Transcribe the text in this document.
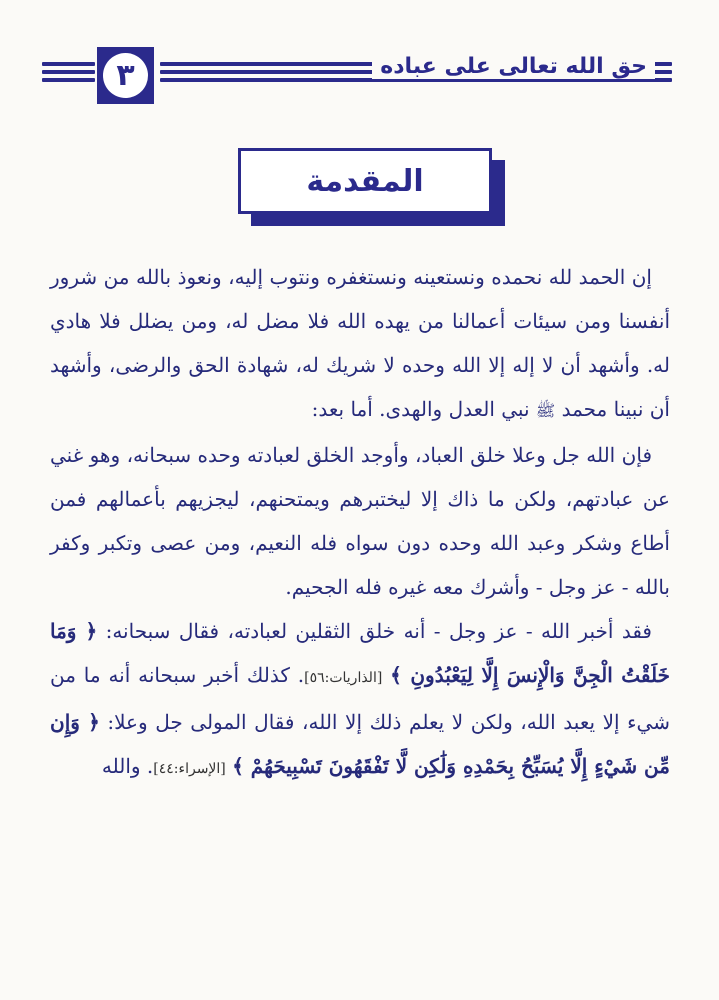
٣	حق الله تعالى على عباده
المقدمة

إن الحمد لله نحمده ونستعينه ونستغفره ونتوب إليه، ونعوذ بالله من شرور أنفسنا ومن سيئات أعمالنا من يهده الله فلا مضل له، ومن يضلل فلا هادي له. وأشهد أن لا إله إلا الله وحده لا شريك له، شهادة الحق والرضى، وأشهد أن نبينا محمد ﷺ نبي العدل والهدى. أما بعد:

فإن الله جل وعلا خلق العباد، وأوجد الخلق لعبادته وحده سبحانه، وهو غني عن عبادتهم، ولكن ما ذاك إلا ليختبرهم ويمتحنهم، ليجزيهم بأعمالهم فمن أطاع وشكر وعبد الله وحده دون سواه فله النعيم، ومن عصى وتكبر وكفر بالله - عز وجل - وأشرك معه غيره فله الجحيم.

فقد أخبر الله - عز وجل - أنه خلق الثقلين لعبادته، فقال سبحانه: ﴿ وَمَا خَلَقْتُ الْجِنَّ وَالْإِنسَ إِلَّا لِيَعْبُدُونِ ﴾ [الذاريات:٥٦]. كذلك أخبر سبحانه أنه ما من شيء إلا يعبد الله، ولكن لا يعلم ذلك إلا الله، فقال المولى جل وعلا: ﴿ وَإِن مِّن شَيْءٍ إِلَّا يُسَبِّحُ بِحَمْدِهِ وَلَٰكِن لَّا تَفْقَهُونَ تَسْبِيحَهُمْ ﴾ [الإسراء:٤٤]. والله
